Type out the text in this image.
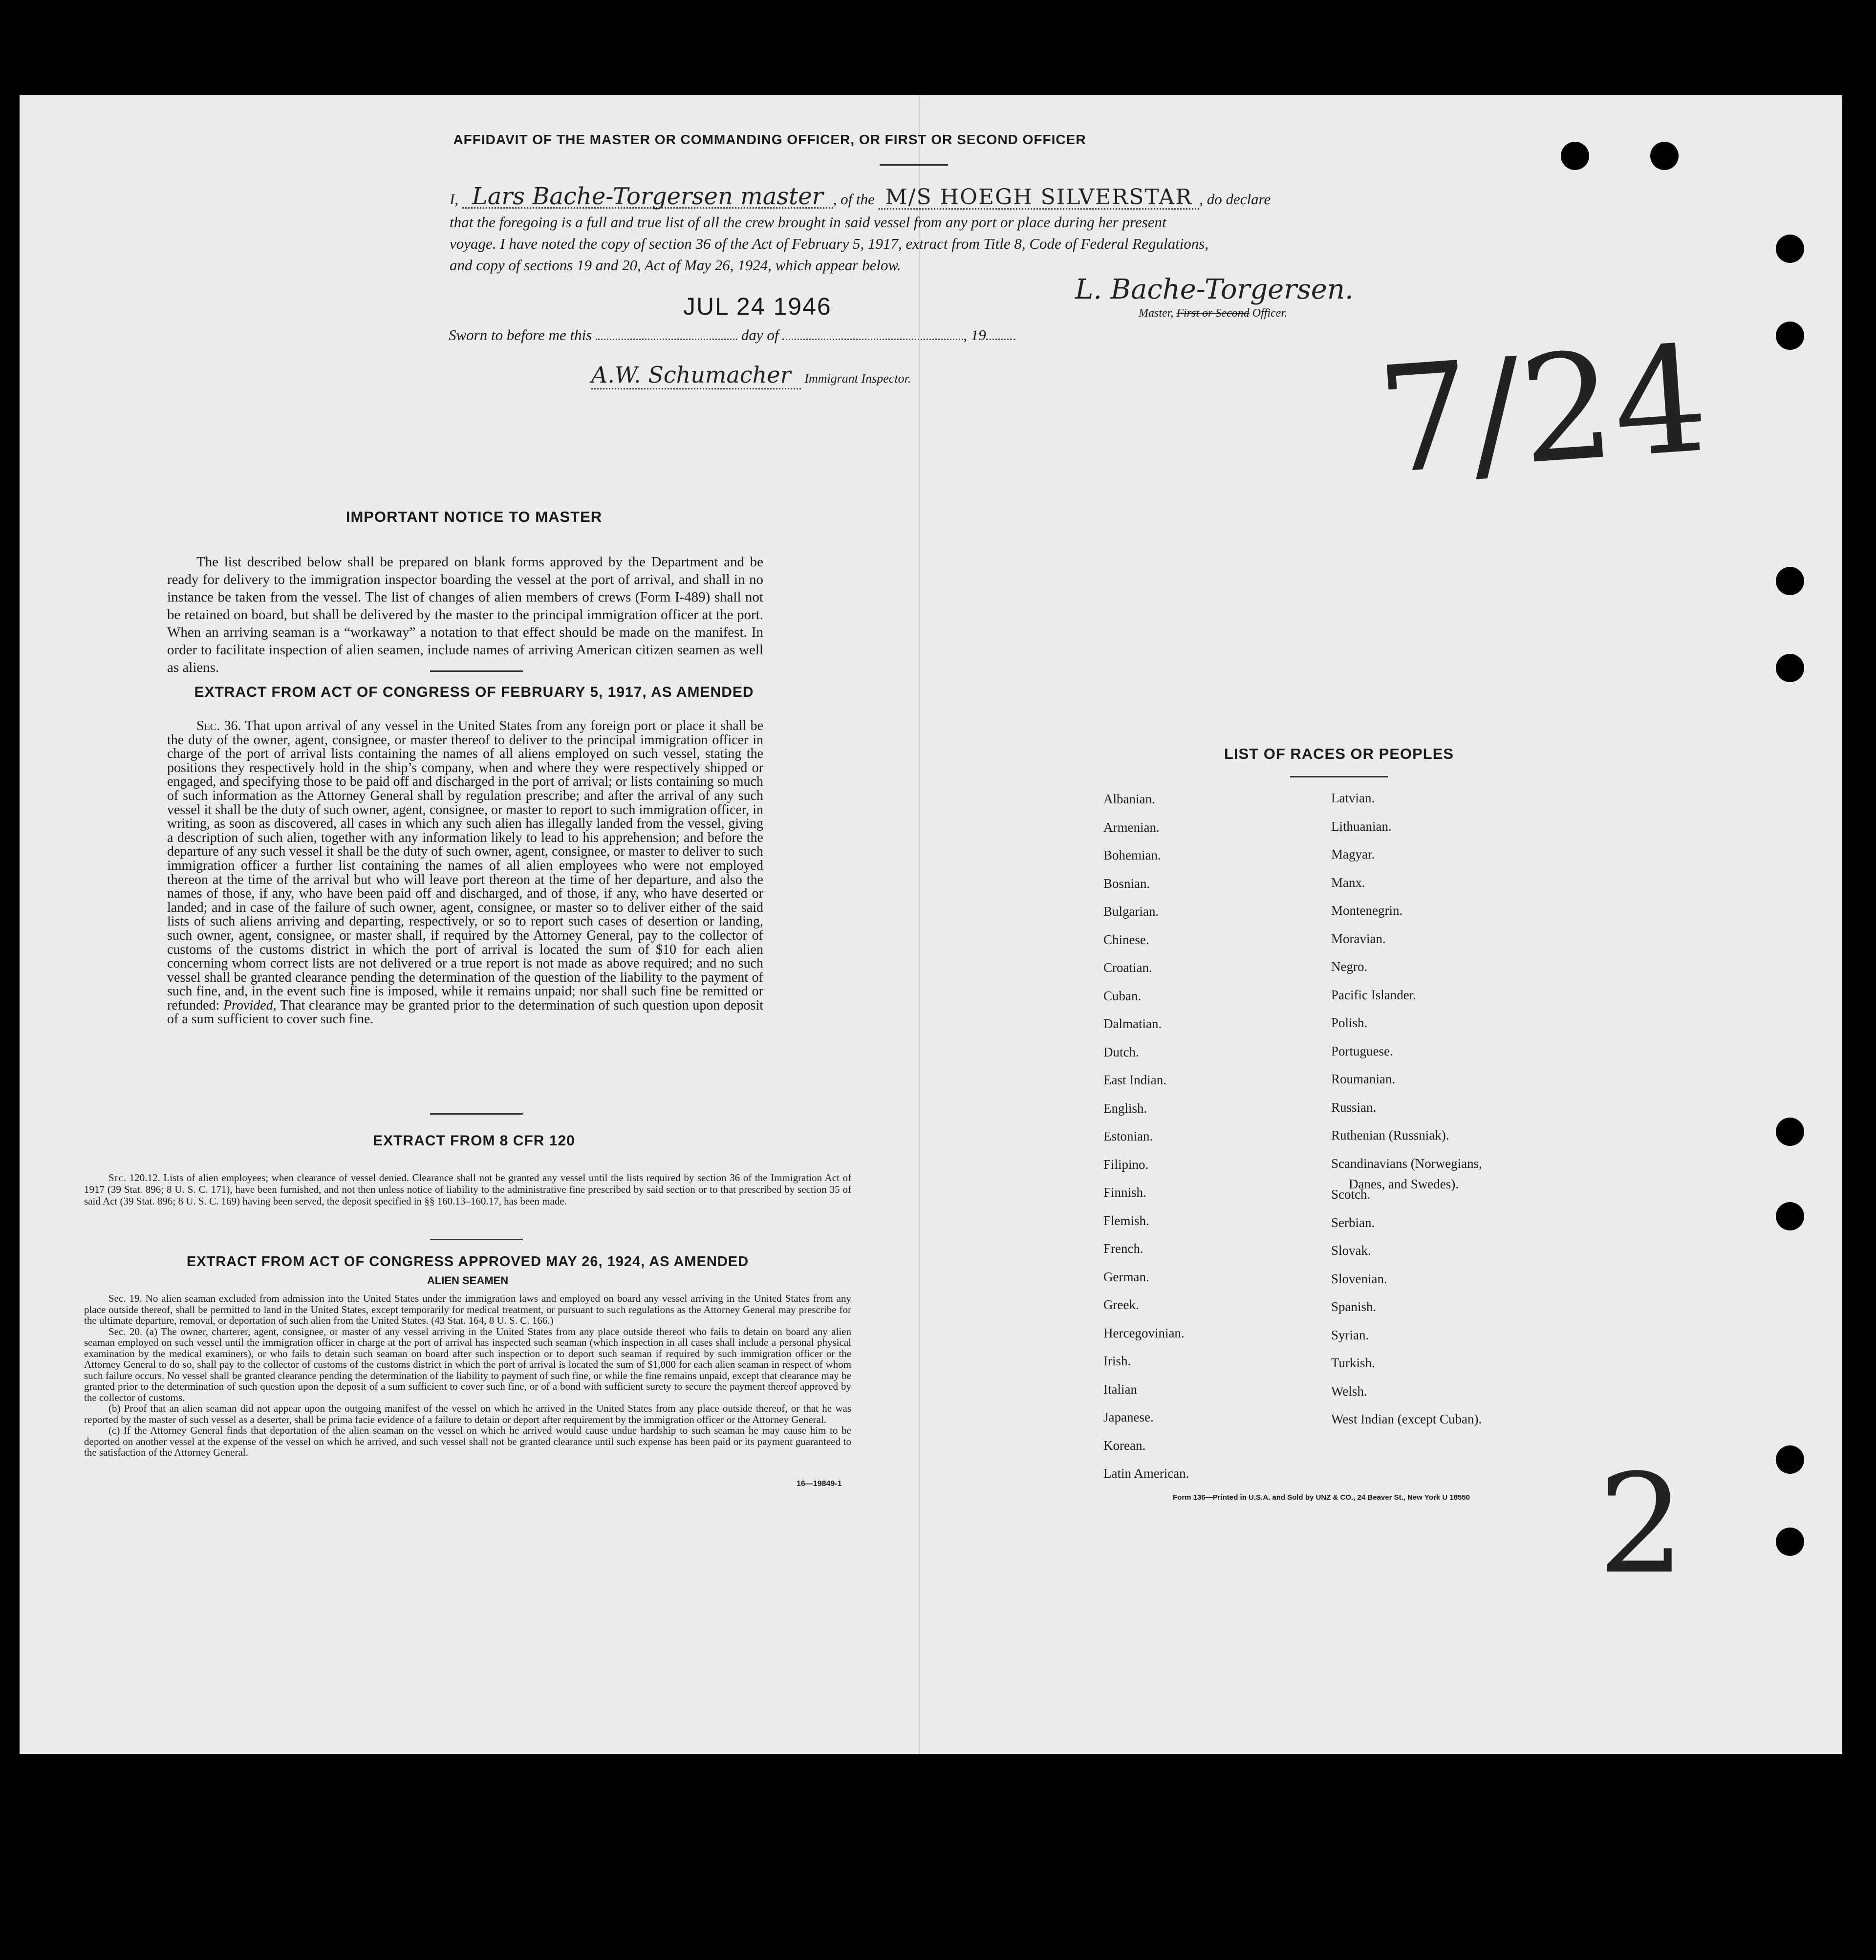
AFFIDAVIT OF THE MASTER OR COMMANDING OFFICER, OR FIRST OR SECOND OFFICER
I, Lars Bache-Torgersen master , of the M/S HOEGH SILVERSTAR , do declare
that the foregoing is a full and true list of all the crew brought in said vessel from any port or place during her present
voyage. I have noted the copy of section 36 of the Act of February 5, 1917, extract from Title 8, Code of Federal Regulations,
and copy of sections 19 and 20, Act of May 26, 1924, which appear below.
JUL 24 1946
L. Bache-Torgersen.
Master, First or Second Officer.
Sworn to before me this	day of	, 19
A.W. Schumacher Immigrant Inspector.	7/24
2
IMPORTANT NOTICE TO MASTER

The list described below shall be prepared on blank forms approved by the Department and be ready for delivery to the immigration inspector boarding the vessel at the port of arrival, and shall in no instance be taken from the vessel. The list of changes of alien members of crews (Form I-489) shall not be retained on board, but shall be delivered by the master to the principal immigration officer at the port. When an arriving seaman is a “workaway” a notation to that effect should be made on the manifest. In order to facilitate inspection of alien seamen, include names of arriving American citizen seamen as well as aliens.

EXTRACT FROM ACT OF CONGRESS OF FEBRUARY 5, 1917, AS AMENDED

Sec. 36. That upon arrival of any vessel in the United States from any foreign port or place it shall be the duty of the owner, agent, consignee, or master thereof to deliver to the principal immigration officer in charge of the port of arrival lists containing the names of all aliens employed on such vessel, stating the positions they respectively hold in the ship’s company, when and where they were respectively shipped or engaged, and specifying those to be paid off and discharged in the port of arrival; or lists containing so much of such information as the Attorney General shall by regulation prescribe; and after the arrival of any such vessel it shall be the duty of such owner, agent, consignee, or master to report to such immigration officer, in writing, as soon as discovered, all cases in which any such alien has illegally landed from the vessel, giving a description of such alien, together with any information likely to lead to his apprehension; and before the departure of any such vessel it shall be the duty of such owner, agent, consignee, or master to deliver to such immigration officer a further list containing the names of all alien employees who were not employed thereon at the time of the arrival but who will leave port thereon at the time of her departure, and also the names of those, if any, who have been paid off and discharged, and of those, if any, who have deserted or landed; and in case of the failure of such owner, agent, consignee, or master so to deliver either of the said lists of such aliens arriving and departing, respectively, or so to report such cases of desertion or landing, such owner, agent, consignee, or master shall, if required by the Attorney General, pay to the collector of customs of the customs district in which the port of arrival is located the sum of $10 for each alien concerning whom correct lists are not delivered or a true report is not made as above required; and no such vessel shall be granted clearance pending the determination of the question of the liability to the payment of such fine, and, in the event such fine is imposed, while it remains unpaid; nor shall such fine be remitted or refunded: Provided, That clearance may be granted prior to the determination of such question upon deposit of a sum sufficient to cover such fine.

EXTRACT FROM 8 CFR 120

Sec. 120.12. Lists of alien employees; when clearance of vessel denied. Clearance shall not be granted any vessel until the lists required by section 36 of the Immigration Act of 1917 (39 Stat. 896; 8 U. S. C. 171), have been furnished, and not then unless notice of liability to the administrative fine prescribed by said section or to that prescribed by section 35 of said Act (39 Stat. 896; 8 U. S. C. 169) having been served, the deposit specified in §§ 160.13–160.17, has been made.

EXTRACT FROM ACT OF CONGRESS APPROVED MAY 26, 1924, AS AMENDED
ALIEN SEAMEN

Sec. 19. No alien seaman excluded from admission into the United States under the immigration laws and employed on board any vessel arriving in the United States from any place outside thereof, shall be permitted to land in the United States, except temporarily for medical treatment, or pursuant to such regulations as the Attorney General may prescribe for the ultimate departure, removal, or deportation of such alien from the United States. (43 Stat. 164, 8 U. S. C. 166.)

Sec. 20. (a) The owner, charterer, agent, consignee, or master of any vessel arriving in the United States from any place outside thereof who fails to detain on board any alien seaman employed on such vessel until the immigration officer in charge at the port of arrival has inspected such seaman (which inspection in all cases shall include a personal physical examination by the medical examiners), or who fails to detain such seaman on board after such inspection or to deport such seaman if required by such immigration officer or the Attorney General to do so, shall pay to the collector of customs of the customs district in which the port of arrival is located the sum of $1,000 for each alien seaman in respect of whom such failure occurs. No vessel shall be granted clearance pending the determination of the liability to payment of such fine, or while the fine remains unpaid, except that clearance may be granted prior to the determination of such question upon the deposit of a sum sufficient to cover such fine, or of a bond with sufficient surety to secure the payment thereof approved by the collector of customs.

(b) Proof that an alien seaman did not appear upon the outgoing manifest of the vessel on which he arrived in the United States from any place outside thereof, or that he was reported by the master of such vessel as a deserter, shall be prima facie evidence of a failure to detain or deport after requirement by the immigration officer or the Attorney General.

(c) If the Attorney General finds that deportation of the alien seaman on the vessel on which he arrived would cause undue hardship to such seaman he may cause him to be deported on another vessel at the expense of the vessel on which he arrived, and such vessel shall not be granted clearance until such expense has been paid or its payment guaranteed to the satisfaction of the Attorney General.

16—19849-1
LIST OF RACES OR PEOPLES
Albanian.
Armenian.
Bohemian.
Bosnian.
Bulgarian.
Chinese.
Croatian.
Cuban.
Dalmatian.
Dutch.
East Indian.
English.
Estonian.
Filipino.
Finnish.
Flemish.
French.
German.
Greek.
Hercegovinian.
Irish.
Italian
Japanese.
Korean.
Latin American.
Latvian.
Lithuanian.
Magyar.
Manx.
Montenegrin.
Moravian.
Negro.
Pacific Islander.
Polish.
Portuguese.
Roumanian.
Russian.
Ruthenian (Russniak).
Scandinavians (Norwegians,
Scotch.
Serbian.
Slovak.
Slovenian.
Spanish.
Syrian.
Turkish.
Welsh.
West Indian (except Cuban).
Danes, and Swedes).
Form 136—Printed in U.S.A. and Sold by UNZ & CO., 24 Beaver St., New York U 18550
